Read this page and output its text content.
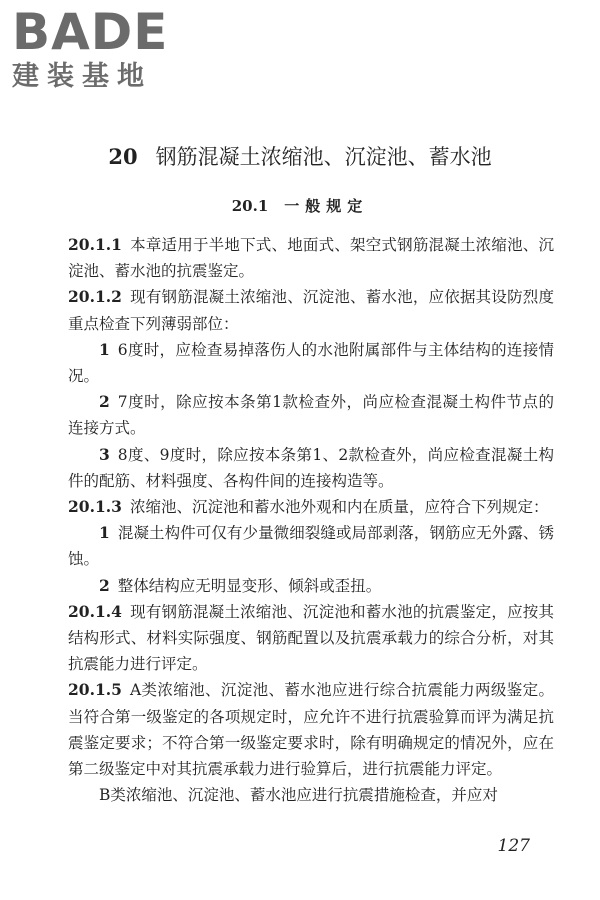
BADE
建装基地
20 钢筋混凝土浓缩池、沉淀池、蓄水池
20.1 一般规定

20.1.1 本章适用于半地下式、地面式、架空式钢筋混凝土浓缩池、沉淀池、蓄水池的抗震鉴定。

20.1.2 现有钢筋混凝土浓缩池、沉淀池、蓄水池，应依据其设防烈度重点检查下列薄弱部位：

1 6度时，应检查易掉落伤人的水池附属部件与主体结构的连接情况。

2 7度时，除应按本条第1款检查外，尚应检查混凝土构件节点的连接方式。

3 8度、9度时，除应按本条第1、2款检查外，尚应检查混凝土构件的配筋、材料强度、各构件间的连接构造等。

20.1.3 浓缩池、沉淀池和蓄水池外观和内在质量，应符合下列规定：

1 混凝土构件可仅有少量微细裂缝或局部剥落，钢筋应无外露、锈蚀。

2 整体结构应无明显变形、倾斜或歪扭。

20.1.4 现有钢筋混凝土浓缩池、沉淀池和蓄水池的抗震鉴定，应按其结构形式、材料实际强度、钢筋配置以及抗震承载力的综合分析，对其抗震能力进行评定。

20.1.5 A类浓缩池、沉淀池、蓄水池应进行综合抗震能力两级鉴定。当符合第一级鉴定的各项规定时，应允许不进行抗震验算而评为满足抗震鉴定要求；不符合第一级鉴定要求时，除有明确规定的情况外，应在第二级鉴定中对其抗震承载力进行验算后，进行抗震能力评定。

B类浓缩池、沉淀池、蓄水池应进行抗震措施检查，并应对

127
